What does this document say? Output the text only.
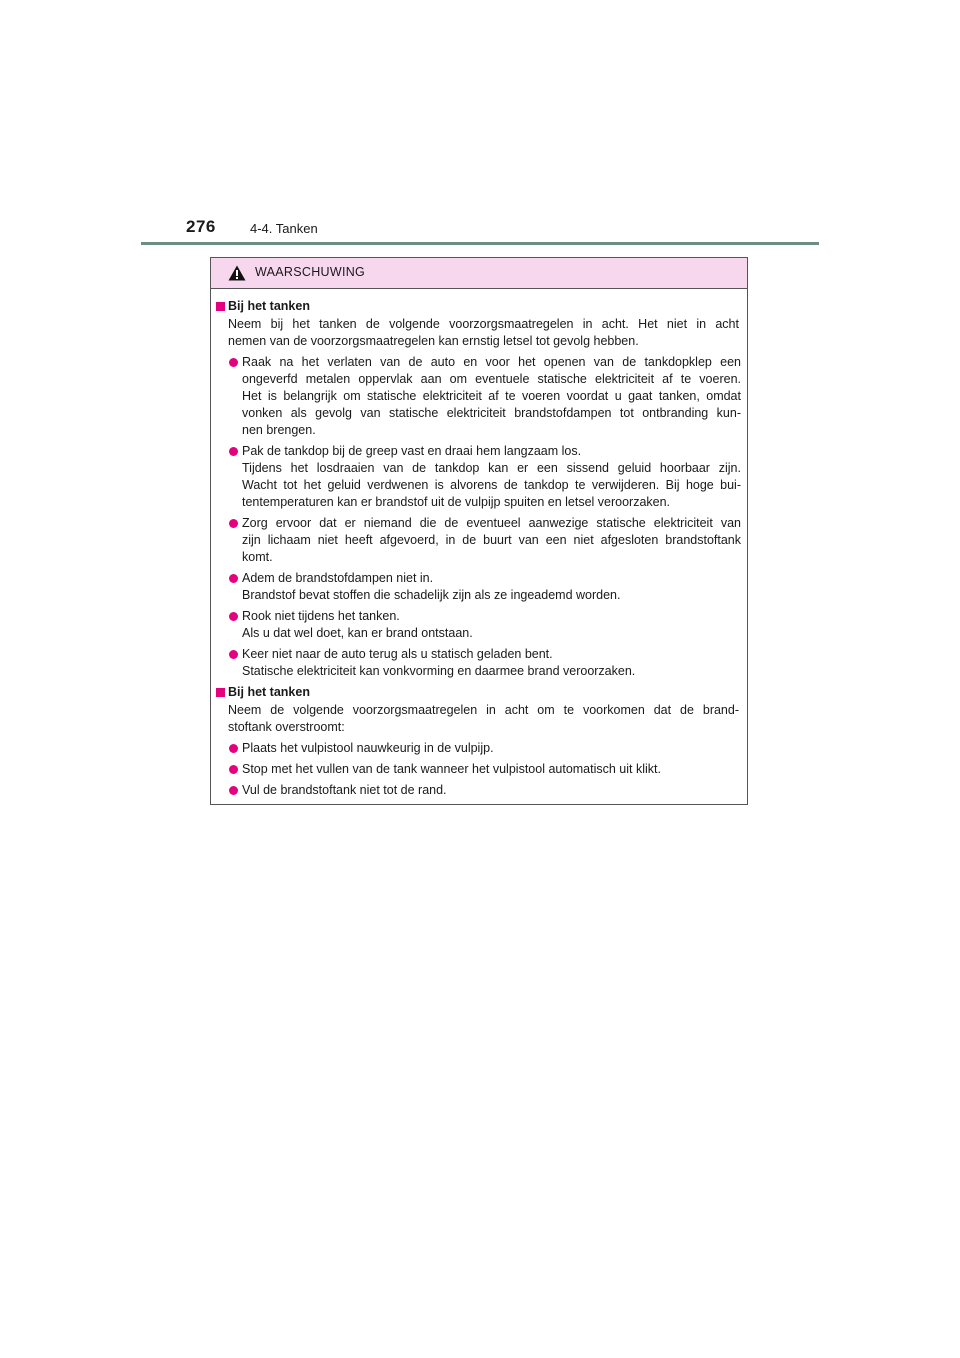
276	4-4. Tanken
WAARSCHUWING
Bij het tanken
Neem bij het tanken de volgende voorzorgsmaatregelen in acht. Het niet in acht
nemen van de voorzorgsmaatregelen kan ernstig letsel tot gevolg hebben.
Raak na het verlaten van de auto en voor het openen van de tankdopklep een
ongeverfd metalen oppervlak aan om eventuele statische elektriciteit af te voeren.
Het is belangrijk om statische elektriciteit af te voeren voordat u gaat tanken, omdat
vonken als gevolg van statische elektriciteit brandstofdampen tot ontbranding kun-
nen brengen.
Pak de tankdop bij de greep vast en draai hem langzaam los.
Tijdens het losdraaien van de tankdop kan er een sissend geluid hoorbaar zijn.
Wacht tot het geluid verdwenen is alvorens de tankdop te verwijderen. Bij hoge bui-
tentemperaturen kan er brandstof uit de vulpijp spuiten en letsel veroorzaken.
Zorg ervoor dat er niemand die de eventueel aanwezige statische elektriciteit van
zijn lichaam niet heeft afgevoerd, in de buurt van een niet afgesloten brandstoftank
komt.
Adem de brandstofdampen niet in.
Brandstof bevat stoffen die schadelijk zijn als ze ingeademd worden.
Rook niet tijdens het tanken.
Als u dat wel doet, kan er brand ontstaan.
Keer niet naar de auto terug als u statisch geladen bent.
Statische elektriciteit kan vonkvorming en daarmee brand veroorzaken.
Bij het tanken
Neem de volgende voorzorgsmaatregelen in acht om te voorkomen dat de brand-
stoftank overstroomt:
Plaats het vulpistool nauwkeurig in de vulpijp.
Stop met het vullen van de tank wanneer het vulpistool automatisch uit klikt.
Vul de brandstoftank niet tot de rand.
